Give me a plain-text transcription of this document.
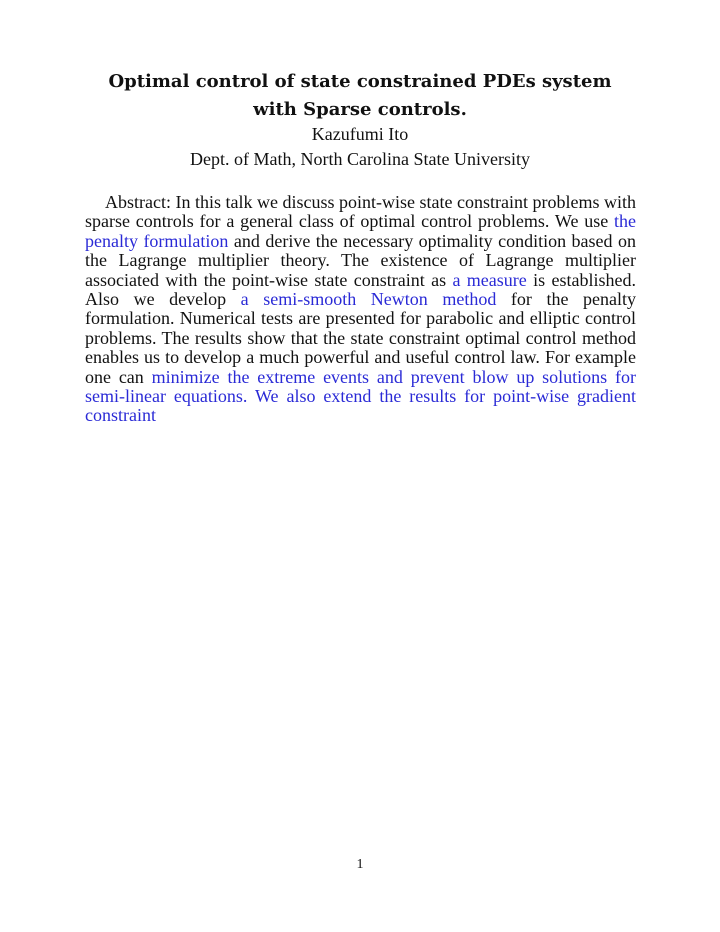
Optimal control of state constrained PDEs system
with Sparse controls.
Kazufumi Ito
Dept. of Math, North Carolina State University

Abstract: In this talk we discuss point-wise state constraint problems with sparse controls for a general class of optimal control problems. We use the penalty formulation and derive the necessary optimality condition based on the Lagrange multiplier theory. The existence of Lagrange multiplier associated with the point-wise state constraint as a measure is established. Also we develop a semi-smooth Newton method for the penalty formulation. Numerical tests are presented for parabolic and elliptic control problems. The results show that the state constraint optimal control method enables us to develop a much powerful and useful control law. For example one can minimize the extreme events and prevent blow up solutions for semi-linear equations. We also extend the results for point-wise gradient constraint

1
